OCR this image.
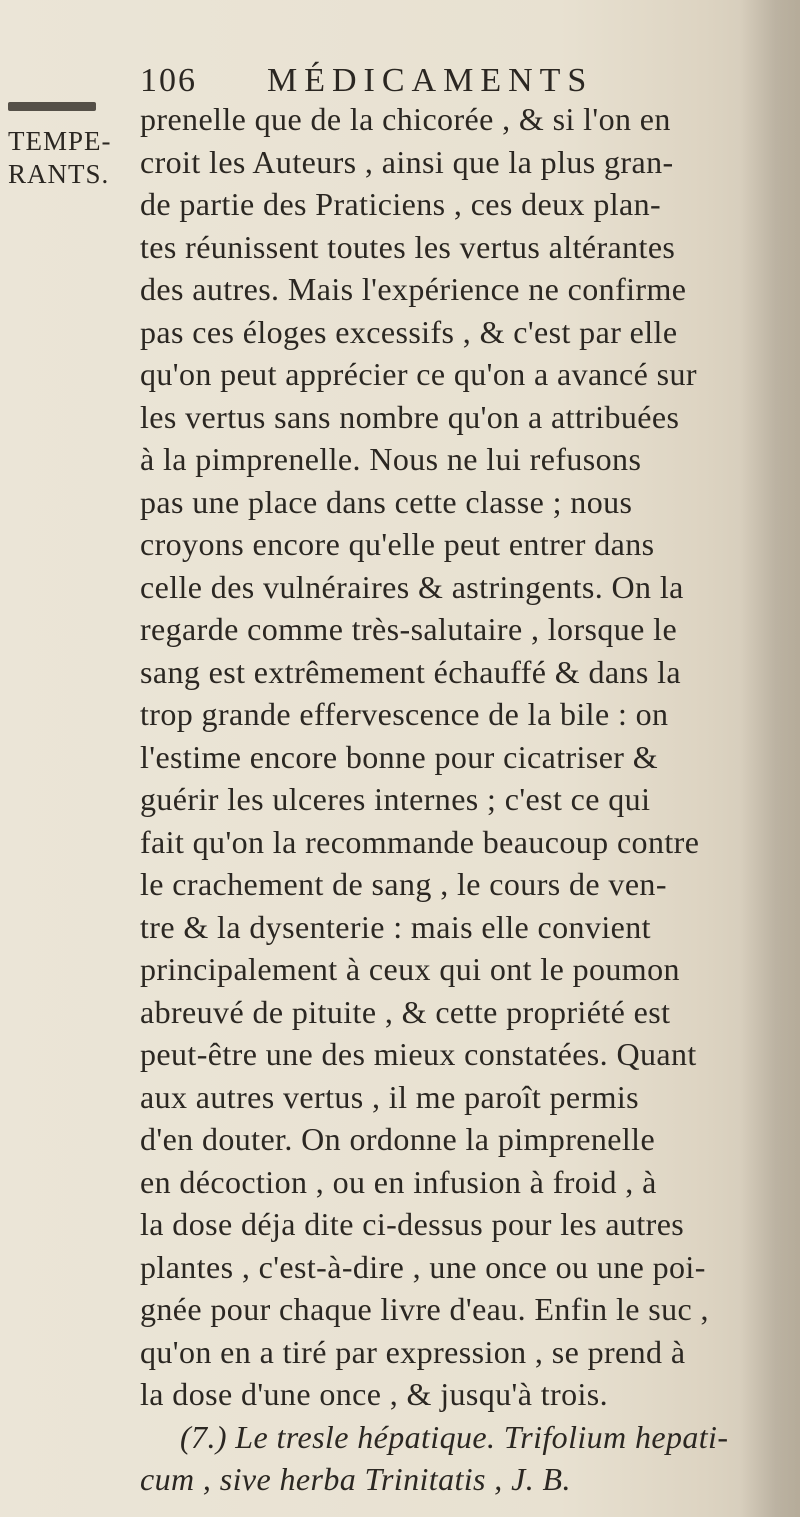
106 MÉDICAMENTS
TEMPE-
RANTS.
prenelle que de la chicorée , & si l'on en
croit les Auteurs , ainsi que la plus gran-
de partie des Praticiens , ces deux plan-
tes réunissent toutes les vertus altérantes
des autres. Mais l'expérience ne confirme
pas ces éloges excessifs , & c'est par elle
qu'on peut apprécier ce qu'on a avancé sur
les vertus sans nombre qu'on a attribuées
à la pimprenelle. Nous ne lui refusons
pas une place dans cette classe ; nous
croyons encore qu'elle peut entrer dans
celle des vulnéraires & astringents. On la
regarde comme très-salutaire , lorsque le
sang est extrêmement échauffé & dans la
trop grande effervescence de la bile : on
l'estime encore bonne pour cicatriser &
guérir les ulceres internes ; c'est ce qui
fait qu'on la recommande beaucoup contre
le crachement de sang , le cours de ven-
tre & la dysenterie : mais elle convient
principalement à ceux qui ont le poumon
abreuvé de pituite , & cette propriété est
peut-être une des mieux constatées. Quant
aux autres vertus , il me paroît permis
d'en douter. On ordonne la pimprenelle
en décoction , ou en infusion à froid , à
la dose déja dite ci-dessus pour les autres
plantes , c'est-à-dire , une once ou une poi-
gnée pour chaque livre d'eau. Enfin le suc ,
qu'on en a tiré par expression , se prend à
la dose d'une once , & jusqu'à trois.
(7.) Le tresle hépatique. Trifolium hepati-
cum , sive herba Trinitatis , J. B.
